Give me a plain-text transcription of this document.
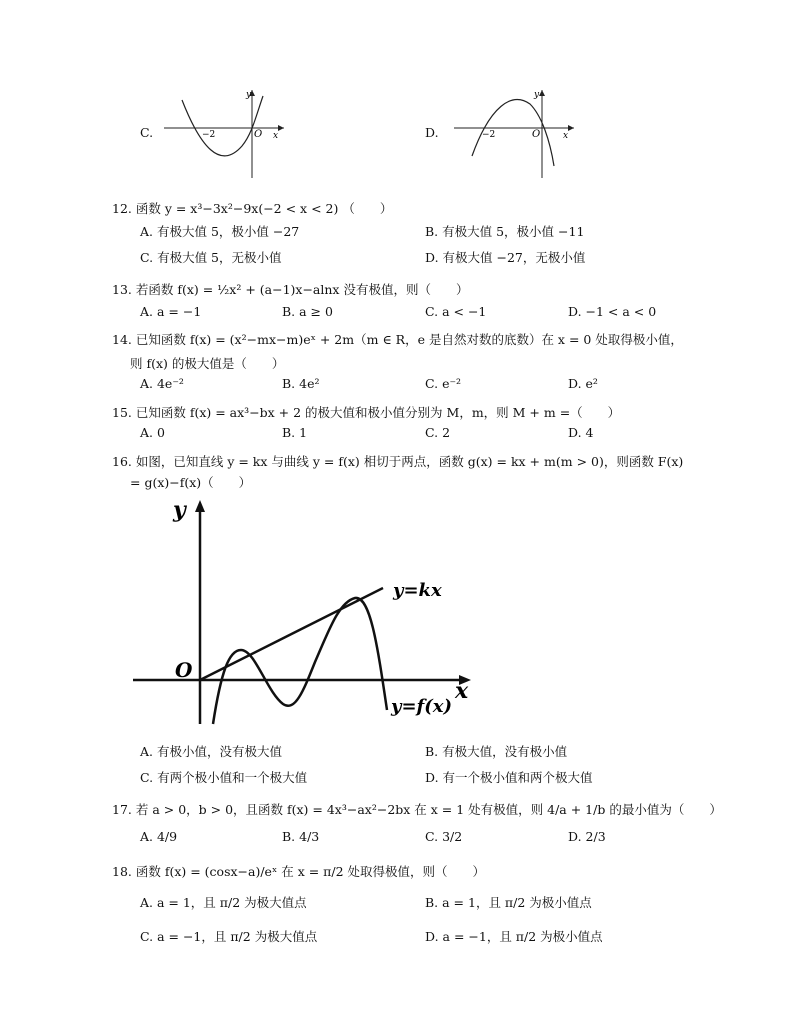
C.
y
x
O
−2	D.
y
x
O
−2
12. 函数 y = x³−3x²−9x(−2 < x < 2) （　　）
A. 有极大值 5，极小值 −27	B. 有极大值 5，极小值 −11
C. 有极大值 5，无极小值	D. 有极大值 −27，无极小值
13. 若函数 f(x) = ½x² + (a−1)x−alnx 没有极值，则（　　）
A. a = −1	B. a ≥ 0	C. a < −1	D. −1 < a < 0
14. 已知函数 f(x) = (x²−mx−m)eˣ + 2m（m ∈ R，e 是自然对数的底数）在 x = 0 处取得极小值，
则 f(x) 的极大值是（　　）
A. 4e⁻²	B. 4e²	C. e⁻²	D. e²
15. 已知函数 f(x) = ax³−bx + 2 的极大值和极小值分别为 M，m，则 M + m =（　　）
A. 0	B. 1	C. 2	D. 4
16. 如图，已知直线 y = kx 与曲线 y = f(x) 相切于两点，函数 g(x) = kx + m(m > 0)，则函数 F(x)
= g(x)−f(x)（　　）
y
x
O
y=kx
y=f(x)
A. 有极小值，没有极大值	B. 有极大值，没有极小值
C. 有两个极小值和一个极大值	D. 有一个极小值和两个极大值
17. 若 a > 0，b > 0，且函数 f(x) = 4x³−ax²−2bx 在 x = 1 处有极值，则 4/a + 1/b 的最小值为（　　）
A. 4/9	B. 4/3	C. 3/2	D. 2/3
18. 函数 f(x) = (cosx−a)/eˣ 在 x = π/2 处取得极值，则（　　）
A. a = 1，且 π/2 为极大值点	B. a = 1，且 π/2 为极小值点
C. a = −1，且 π/2 为极大值点	D. a = −1，且 π/2 为极小值点
